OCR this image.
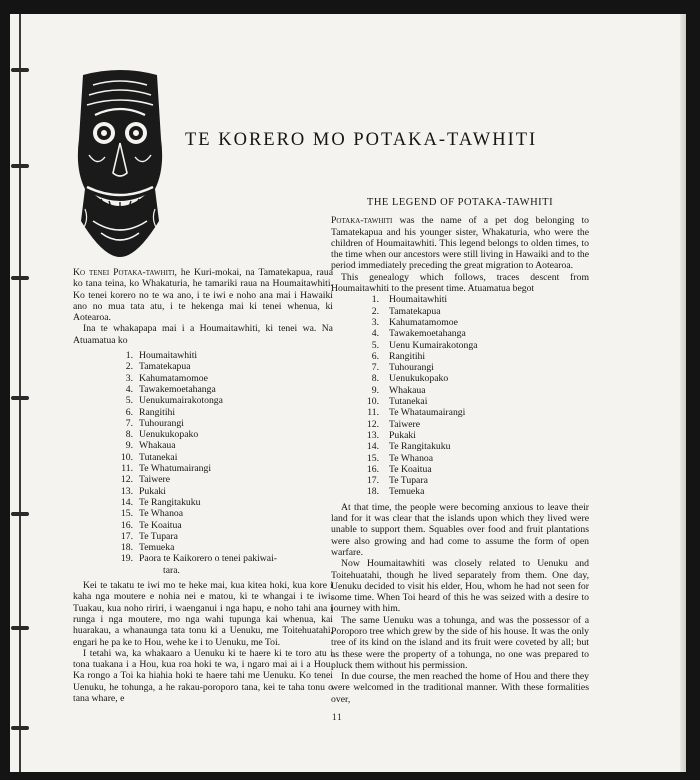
TE KORERO MO POTAKA-TAWHITI

Ko tenei Potaka-tawhiti, he Kuri-mokai, na Tamatekapua, raua ko tana teina, ko Whakaturia, he tamariki raua na Houmaitawhiti. Ko tenei korero no te wa ano, i te iwi e noho ana mai i Hawaiki ano no mua tata atu, i te hekenga mai ki tenei whenua, ki Aotearoa.

Ina te whakapapa mai i a Houmaitawhiti, ki tenei wa. Na Atuamatua ko

1. Houmaitawhiti
2. Tamatekapua
3. Kahumatamomoe
4. Tawakemoetahanga
5. Uenukumairakotonga
6. Rangitihi
7. Tuhourangi
8. Uenukukopako
9. Whakaua
10. Tutanekai
11. Te Whatumairangi
12. Taiwere
13. Pukaki
14. Te Rangitakuku
15. Te Whanoa
16. Te Koaitua
17. Te Tupara
18. Temueka
19. Paora te Kaikorero o tenei pakiwai-
tara.

Kei te takatu te iwi mo te heke mai, kua kitea hoki, kua kore i kaha nga moutere e nohia nei e matou, ki te whangai i te iwi. Tuakau, kua noho ririri, i waenganui i nga hapu, e noho tahi ana i runga i nga moutere, mo nga wahi tupunga kai whenua, kai huarakau, a whanaunga tata tonu ki a Uenuku, me Toitehuatahi, engari he pa ke to Hou, wehe ke i to Uenuku, me Toi.

I tetahi wa, ka whakaaro a Uenuku ki te haere ki te toro atu i tona tuakana i a Hou, kua roa hoki te wa, i ngaro mai ai i a Hou. Ka rongo a Toi ka hiahia hoki te haere tahi me Uenuku. Ko tenei Uenuku, he tohunga, a he rakau-poroporo tana, kei te taha tonu o tana whare, e

THE LEGEND OF POTAKA-TAWHITI

Potaka-tawhiti was the name of a pet dog belonging to Tamatekapua and his younger sister, Whakaturia, who were the children of Houmaitawhiti. This legend belongs to olden times, to the time when our ancestors were still living in Hawaiki and to the period immediately preceding the great migration to Aotearoa.

This genealogy which follows, traces descent from Houmaitawhiti to the present time. Atuamatua begot

1. Houmaitawhiti
2. Tamatekapua
3. Kahumatamomoe
4. Tawakemoetahanga
5. Uenu Kumairakotonga
6. Rangitihi
7. Tuhourangi
8. Uenukukopako
9. Whakaua
10. Tutanekai
11. Te Whataumairangi
12. Taiwere
13. Pukaki
14. Te Rangitakuku
15. Te Whanoa
16. Te Koaitua
17. Te Tupara
18. Temueka

At that time, the people were becoming anxious to leave their land for it was clear that the islands upon which they lived were unable to support them. Squables over food and fruit plantations were also growing and had come to assume the form of open warfare.

Now Houmaitawhiti was closely related to Uenuku and Toitehuatahi, though he lived separately from them. One day, Uenuku decided to visit his elder, Hou, whom he had not seen for some time. When Toi heard of this he was seized with a desire to journey with him.

The same Uenuku was a tohunga, and was the possessor of a Poroporo tree which grew by the side of his house. It was the only tree of its kind on the island and its fruit were coveted by all; but as these were the property of a tohunga, no one was prepared to pluck them without his permission.

In due course, the men reached the home of Hou and there they were welcomed in the traditional manner. With these formalities over,

11
